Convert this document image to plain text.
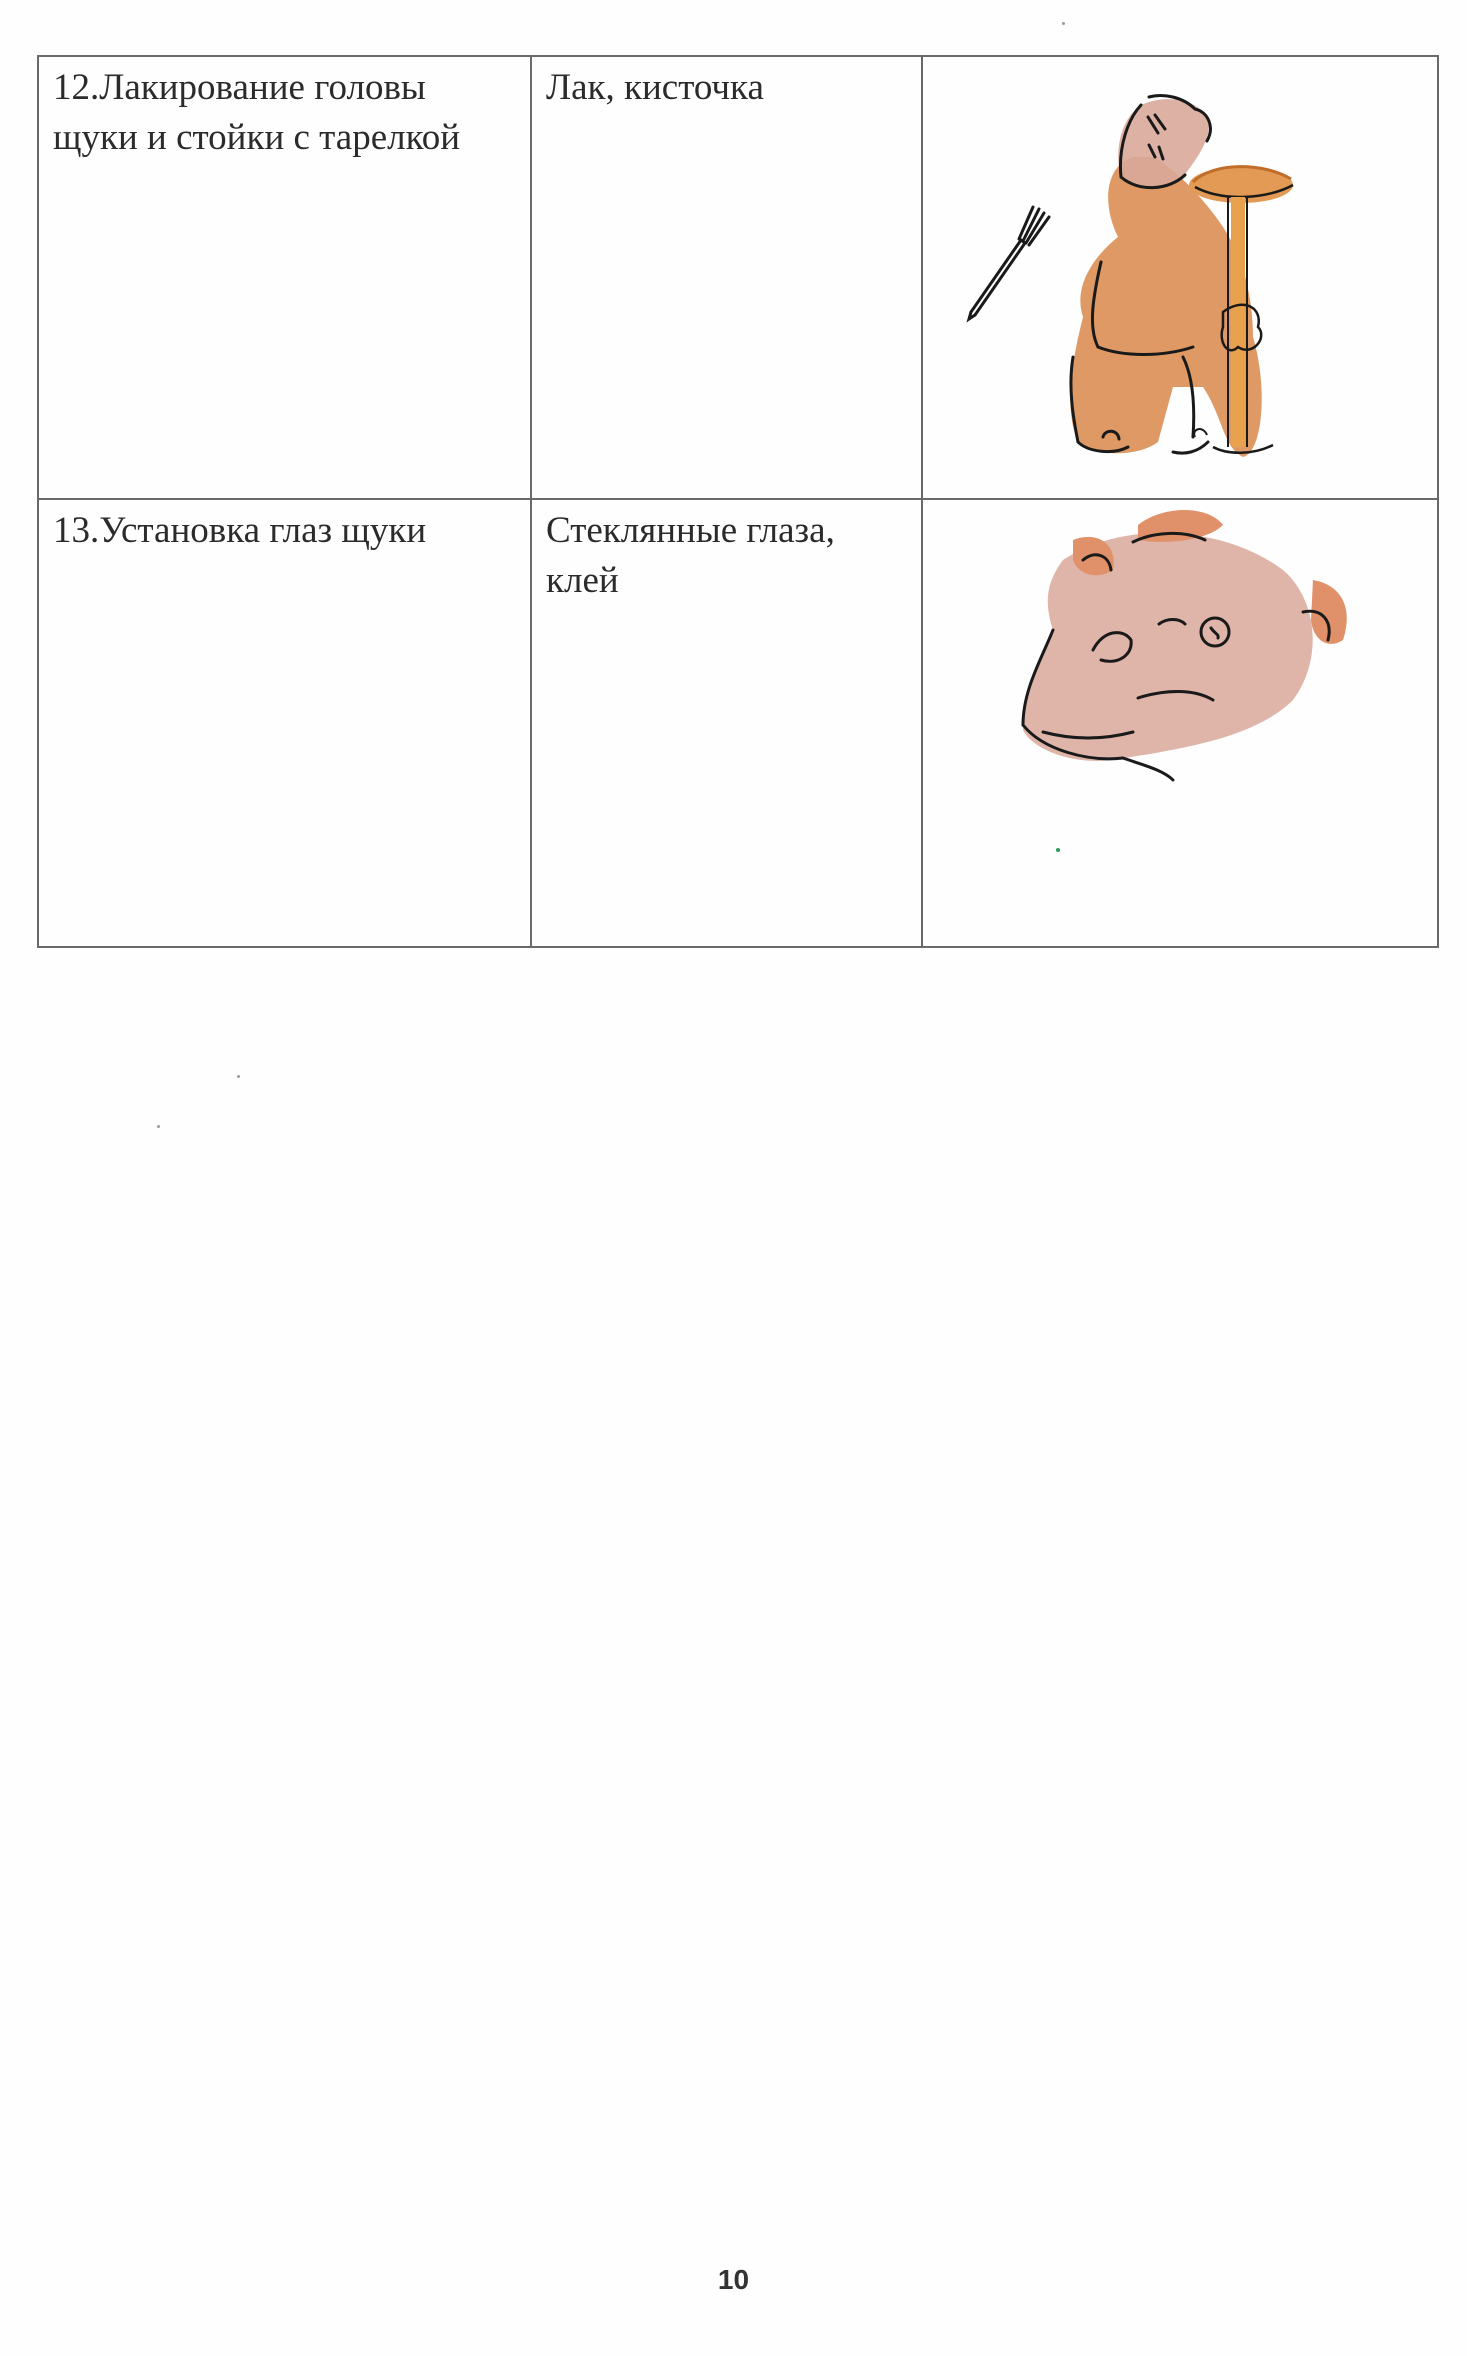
12.Лакирование головы щуки и стойки с тарелкой	Лак, кисточка

13.Установка глаз щуки	Стеклянные глаза, клей

10
